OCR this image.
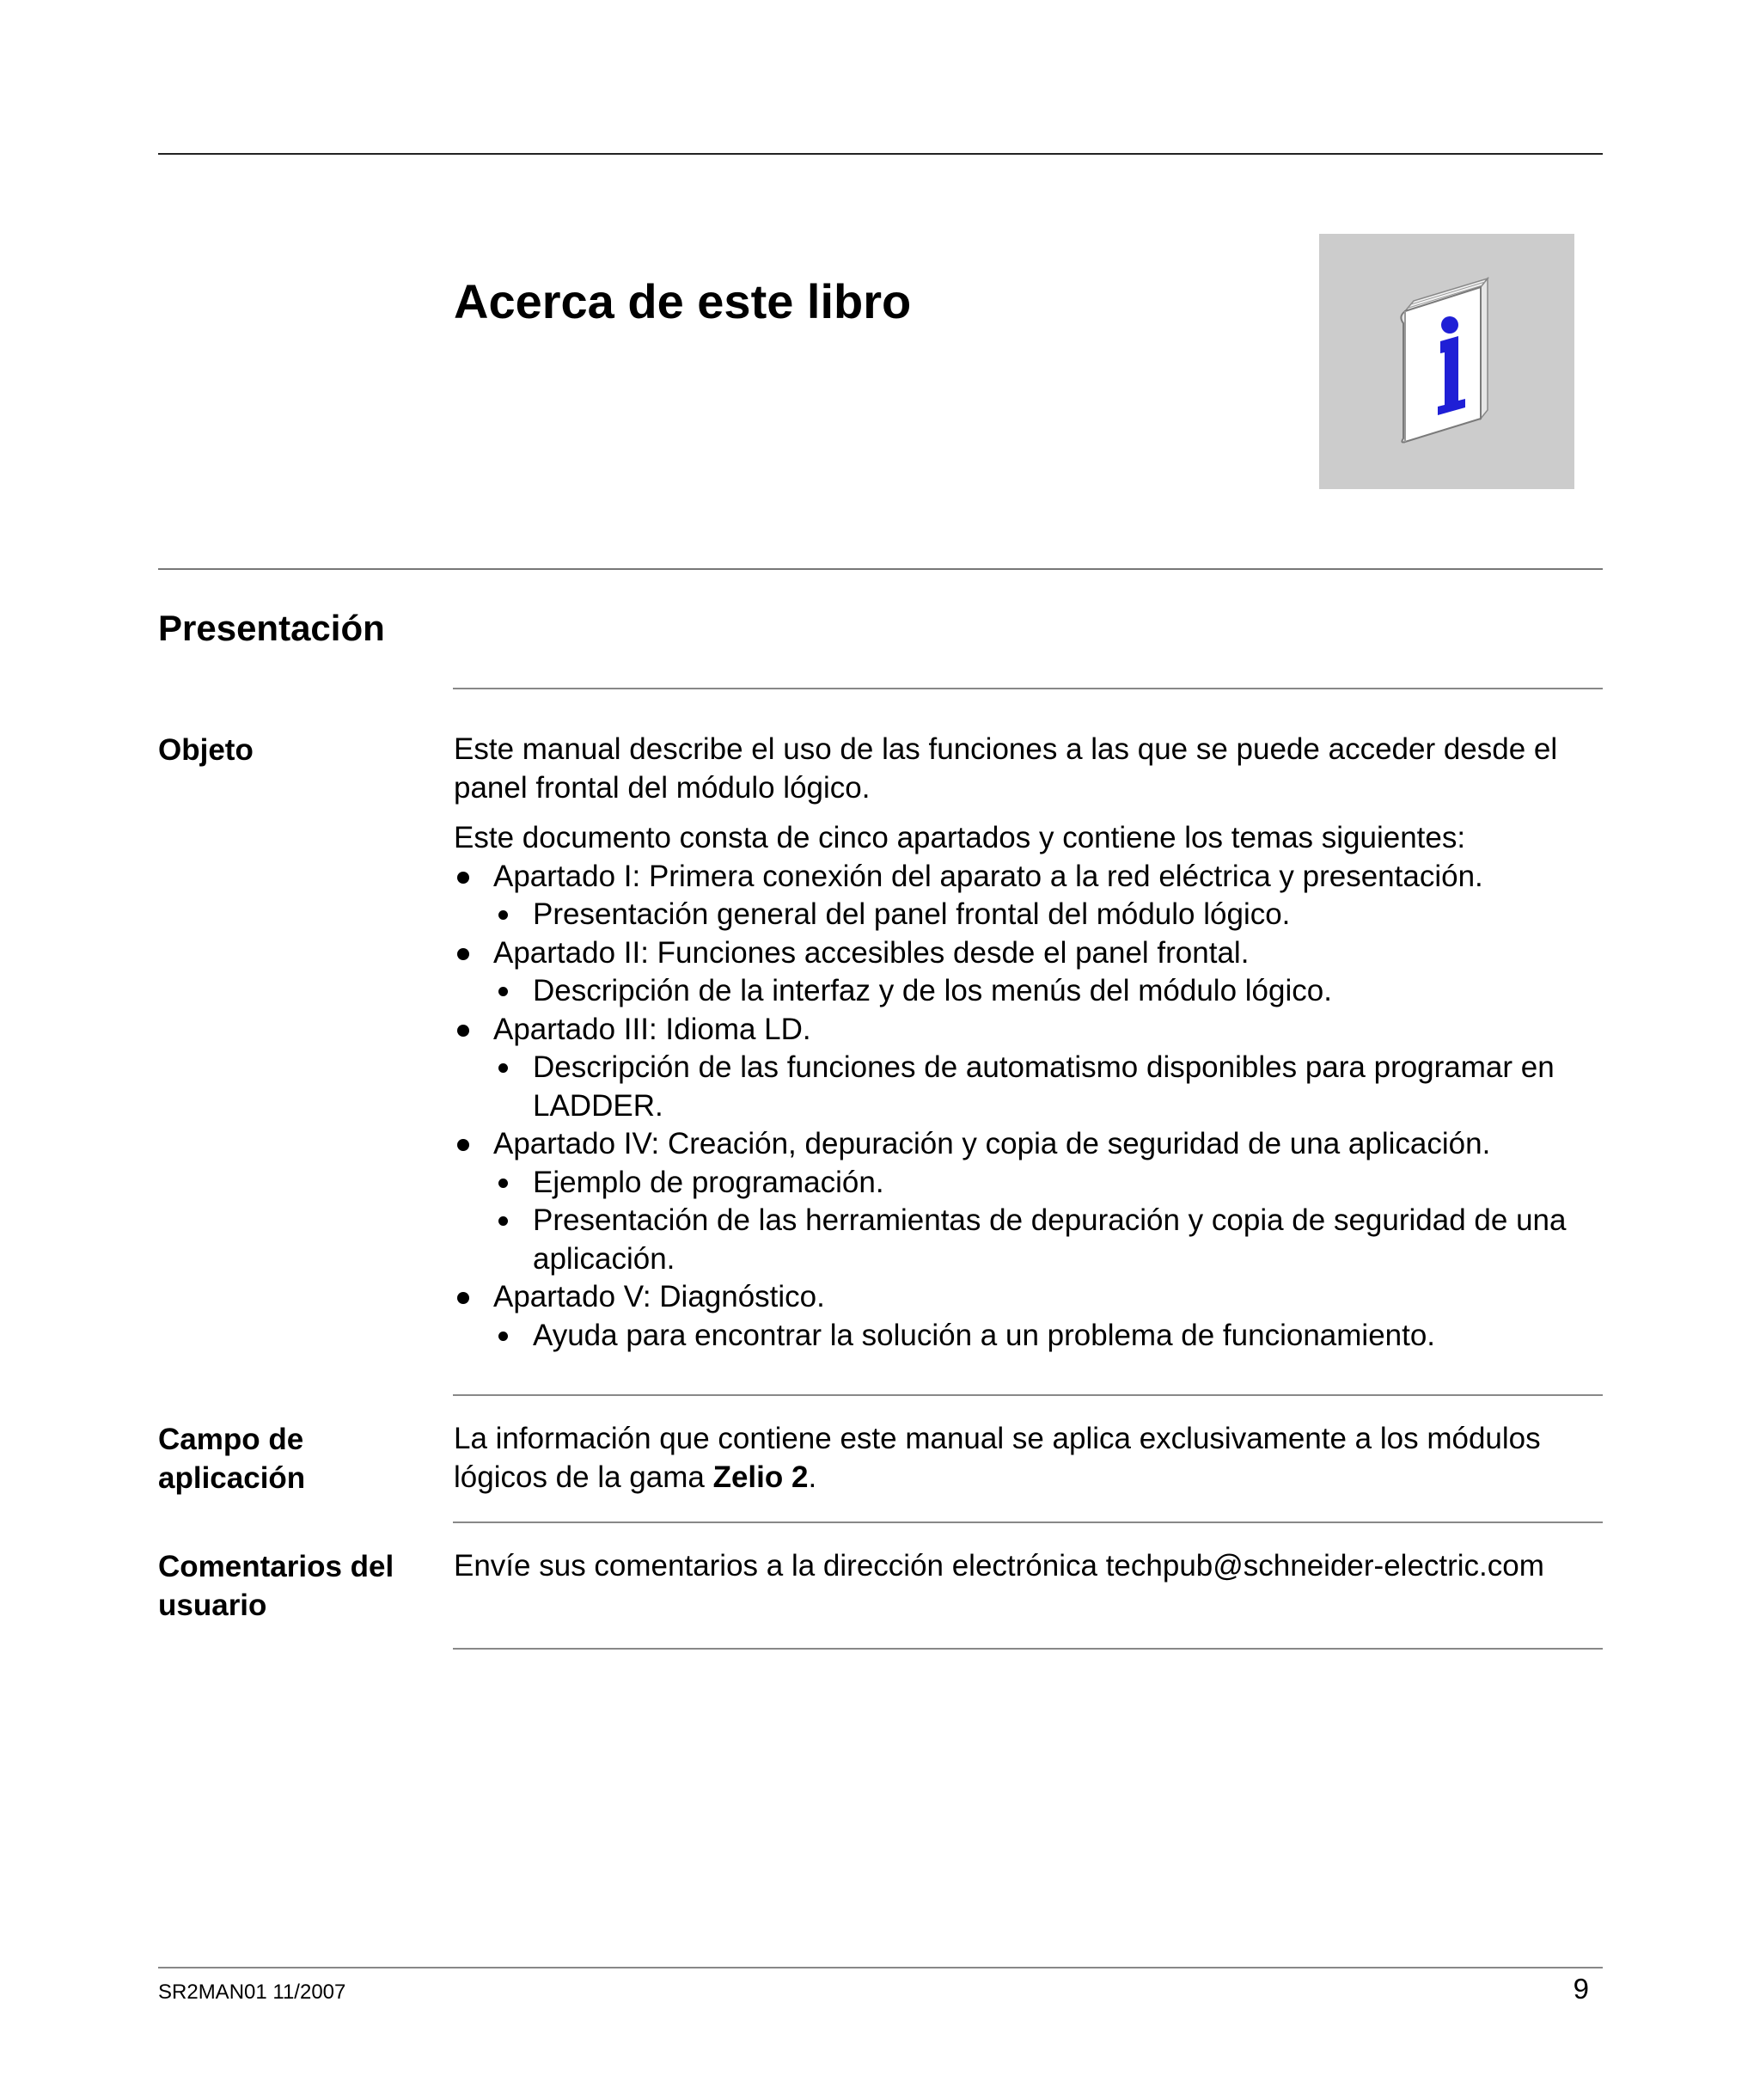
Acerca de este libro
Presentación
Objeto	Este manual describe el uso de las funciones a las que se puede acceder desde el panel frontal del módulo lógico.

Este documento consta de cinco apartados y contiene los temas siguientes:

Apartado I: Primera conexión del aparato a la red eléctrica y presentación.
Presentación general del panel frontal del módulo lógico.
Apartado II: Funciones accesibles desde el panel frontal.
Descripción de la interfaz y de los menús del módulo lógico.
Apartado III: Idioma LD.
Descripción de las funciones de automatismo disponibles para programar en LADDER.
Apartado IV: Creación, depuración y copia de seguridad de una aplicación.
Ejemplo de programación.
Presentación de las herramientas de depuración y copia de seguridad de una aplicación.
Apartado V: Diagnóstico.
Ayuda para encontrar la solución a un problema de funcionamiento.
Campo de
aplicación

La información que contiene este manual se aplica exclusivamente a los módulos lógicos de la gama Zelio 2.

Comentarios del
usuario

Envíe sus comentarios a la dirección electrónica techpub@schneider-electric.com

SR2MAN01 11/2007	9
